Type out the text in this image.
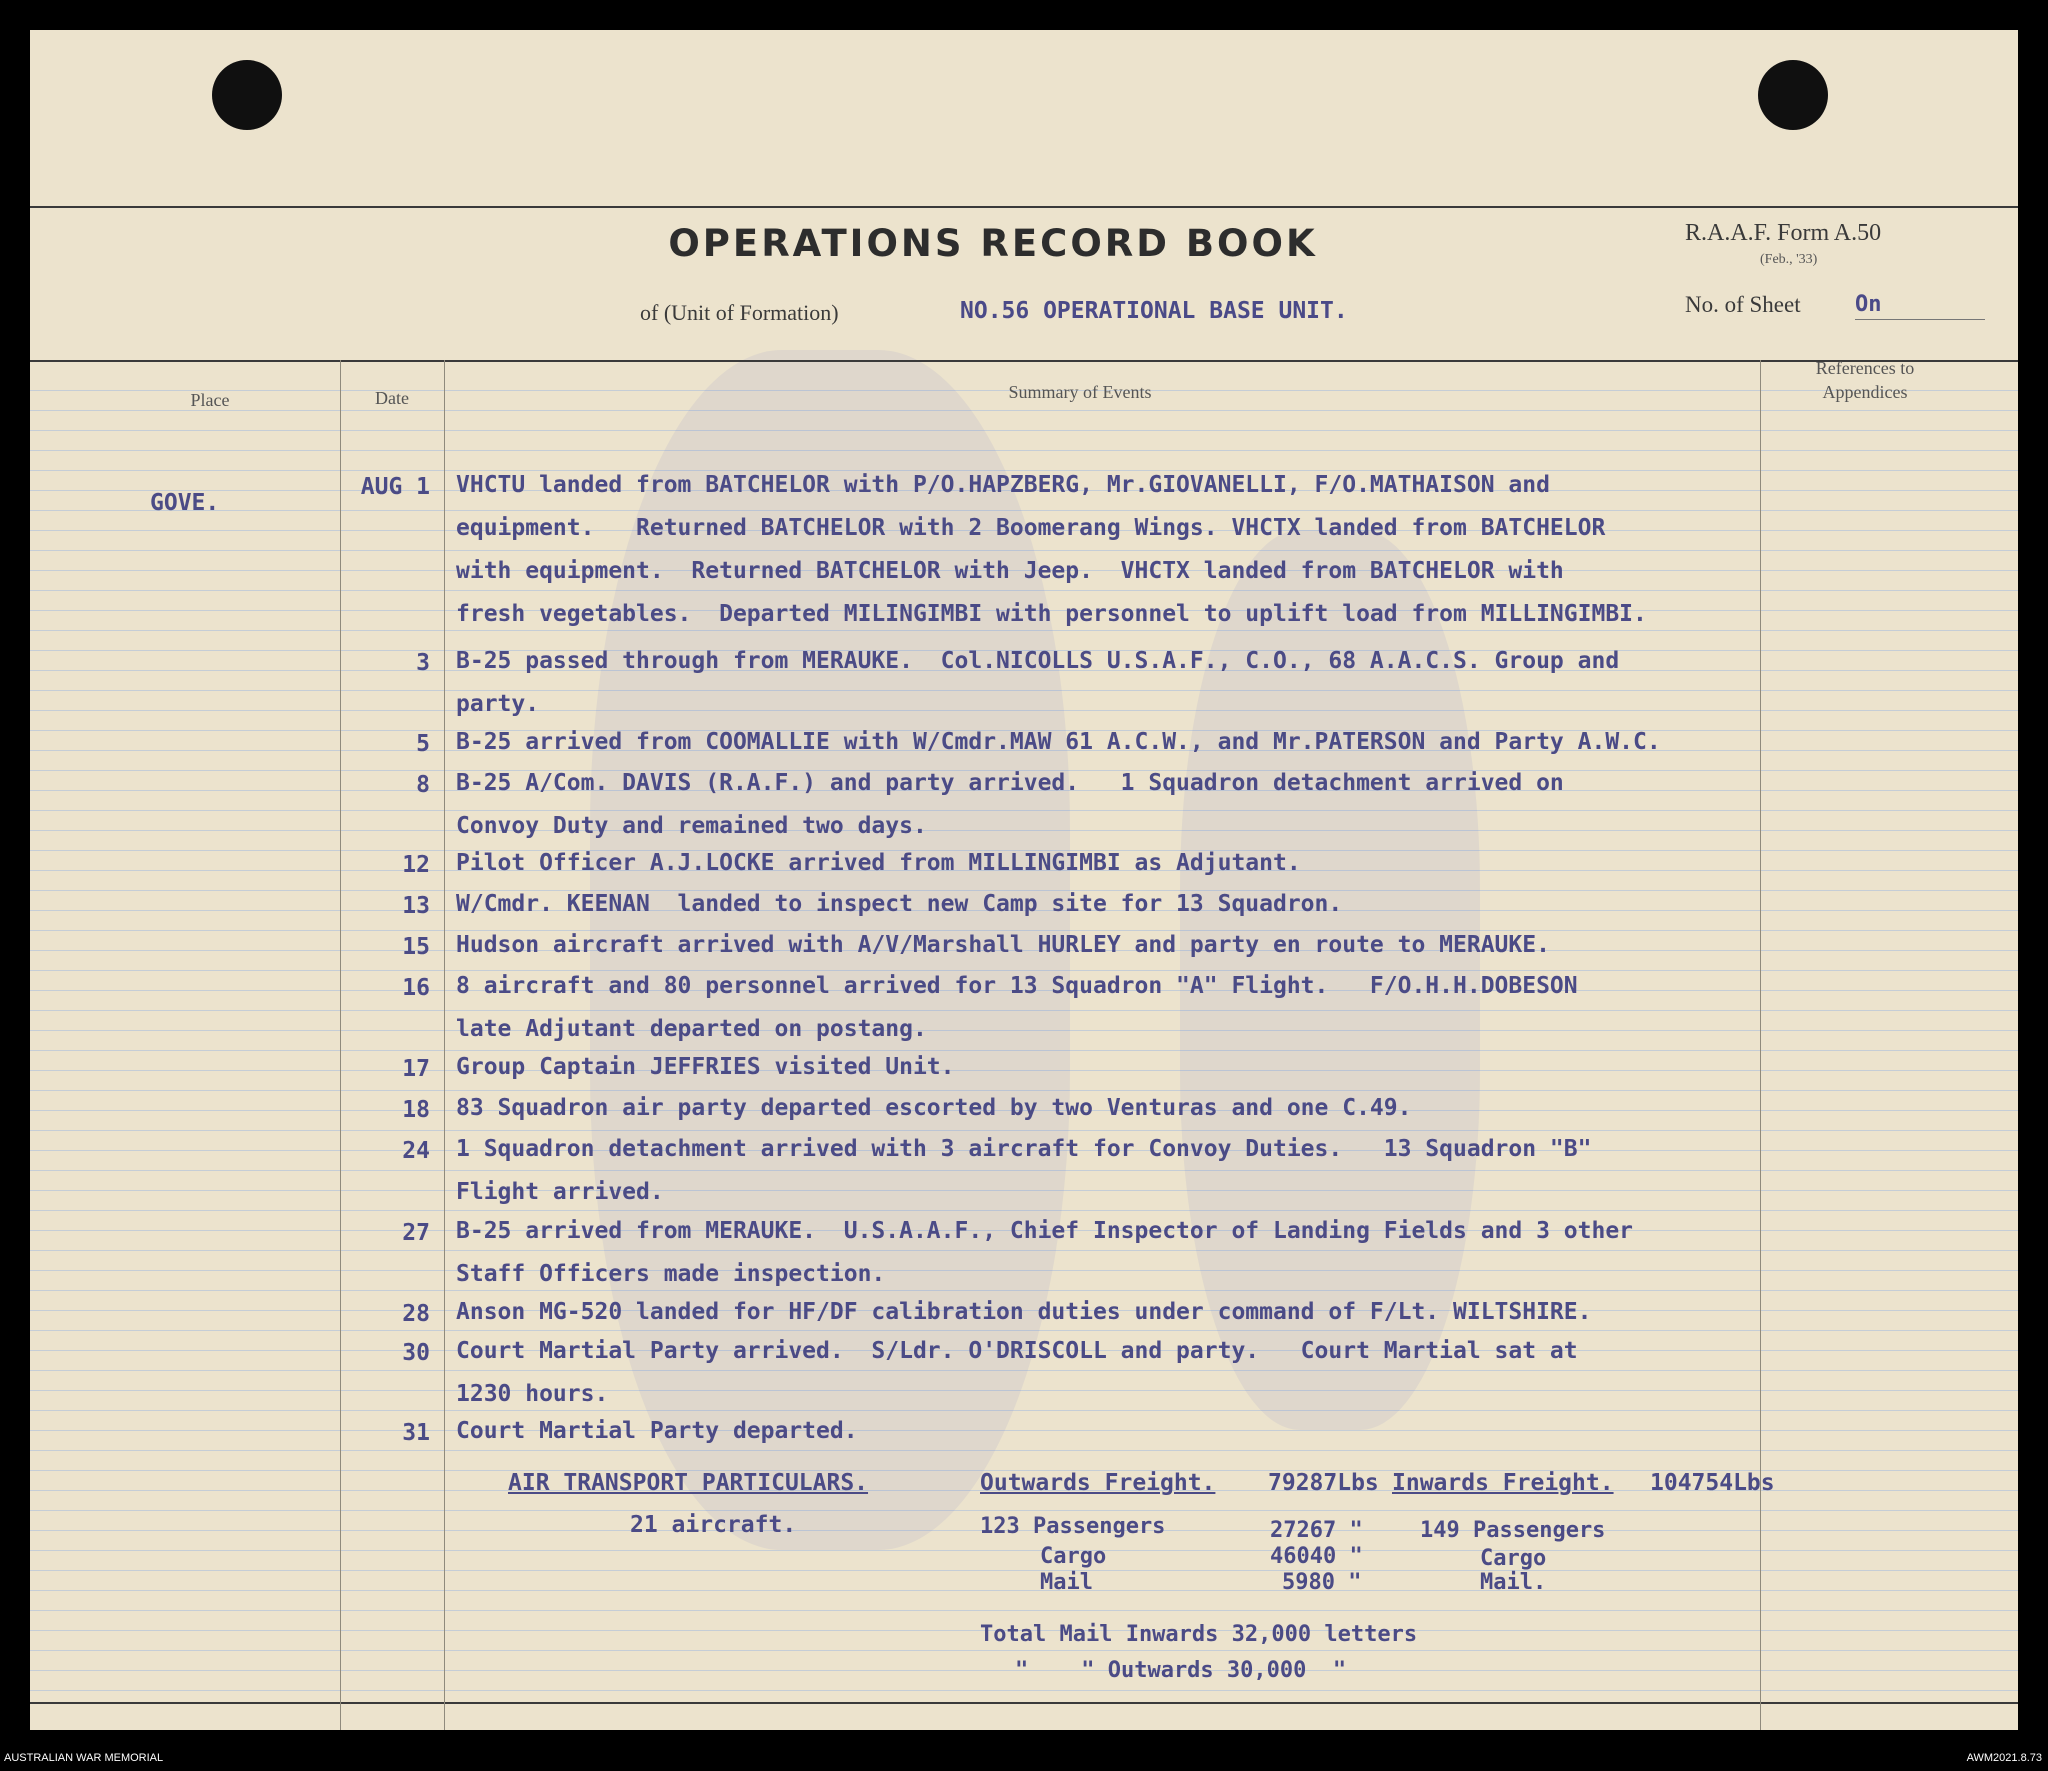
OPERATIONS RECORD BOOK
of (Unit of Formation)	NO.56 OPERATIONAL BASE UNIT.
R.A.A.F. Form A.50
(Feb., '33)
No. of Sheet On
Place	Date	Summary of Events
References to Appendices
GOVE.
AUG 1 VHCTU landed from BATCHELOR with P/O.HAPZBERG, Mr.GIOVANELLI, F/O.MATHAISON and
equipment.   Returned BATCHELOR with 2 Boomerang Wings. VHCTX landed from BATCHELOR
with equipment.  Returned BATCHELOR with Jeep.  VHCTX landed from BATCHELOR with
fresh vegetables.  Departed MILINGIMBI with personnel to uplift load from MILLINGIMBI.
3 B-25 passed through from MERAUKE.  Col.NICOLLS U.S.A.F., C.O., 68 A.A.C.S. Group and
party.
5 B-25 arrived from COOMALLIE with W/Cmdr.MAW 61 A.C.W., and Mr.PATERSON and Party A.W.C.
8 B-25 A/Com. DAVIS (R.A.F.) and party arrived.   1 Squadron detachment arrived on
Convoy Duty and remained two days.
12 Pilot Officer A.J.LOCKE arrived from MILLINGIMBI as Adjutant.
13 W/Cmdr. KEENAN  landed to inspect new Camp site for 13 Squadron.
15 Hudson aircraft arrived with A/V/Marshall HURLEY and party en route to MERAUKE.
16 8 aircraft and 80 personnel arrived for 13 Squadron "A" Flight.   F/O.H.H.DOBESON
late Adjutant departed on postang.
17 Group Captain JEFFRIES visited Unit.
18 83 Squadron air party departed escorted by two Venturas and one C.49.
24 1 Squadron detachment arrived with 3 aircraft for Convoy Duties.   13 Squadron "B"
Flight arrived.
27 B-25 arrived from MERAUKE.  U.S.A.A.F., Chief Inspector of Landing Fields and 3 other
Staff Officers made inspection.
28 Anson MG-520 landed for HF/DF calibration duties under command of F/Lt. WILTSHIRE.
30 Court Martial Party arrived.  S/Ldr. O'DRISCOLL and party.   Court Martial sat at
1230 hours.
31 Court Martial Party departed.
AIR TRANSPORT PARTICULARS.
21 aircraft.
Outwards Freight. 79287Lbs Inwards Freight. 104754Lbs
123 Passengers	27267 "	149 Passengers
Cargo	46040 "	Cargo
Mail	5980 "	Mail.
Total Mail Inwards 32,000 letters
"    " Outwards 30,000  "
AUSTRALIAN WAR MEMORIAL	AWM2021.8.73
